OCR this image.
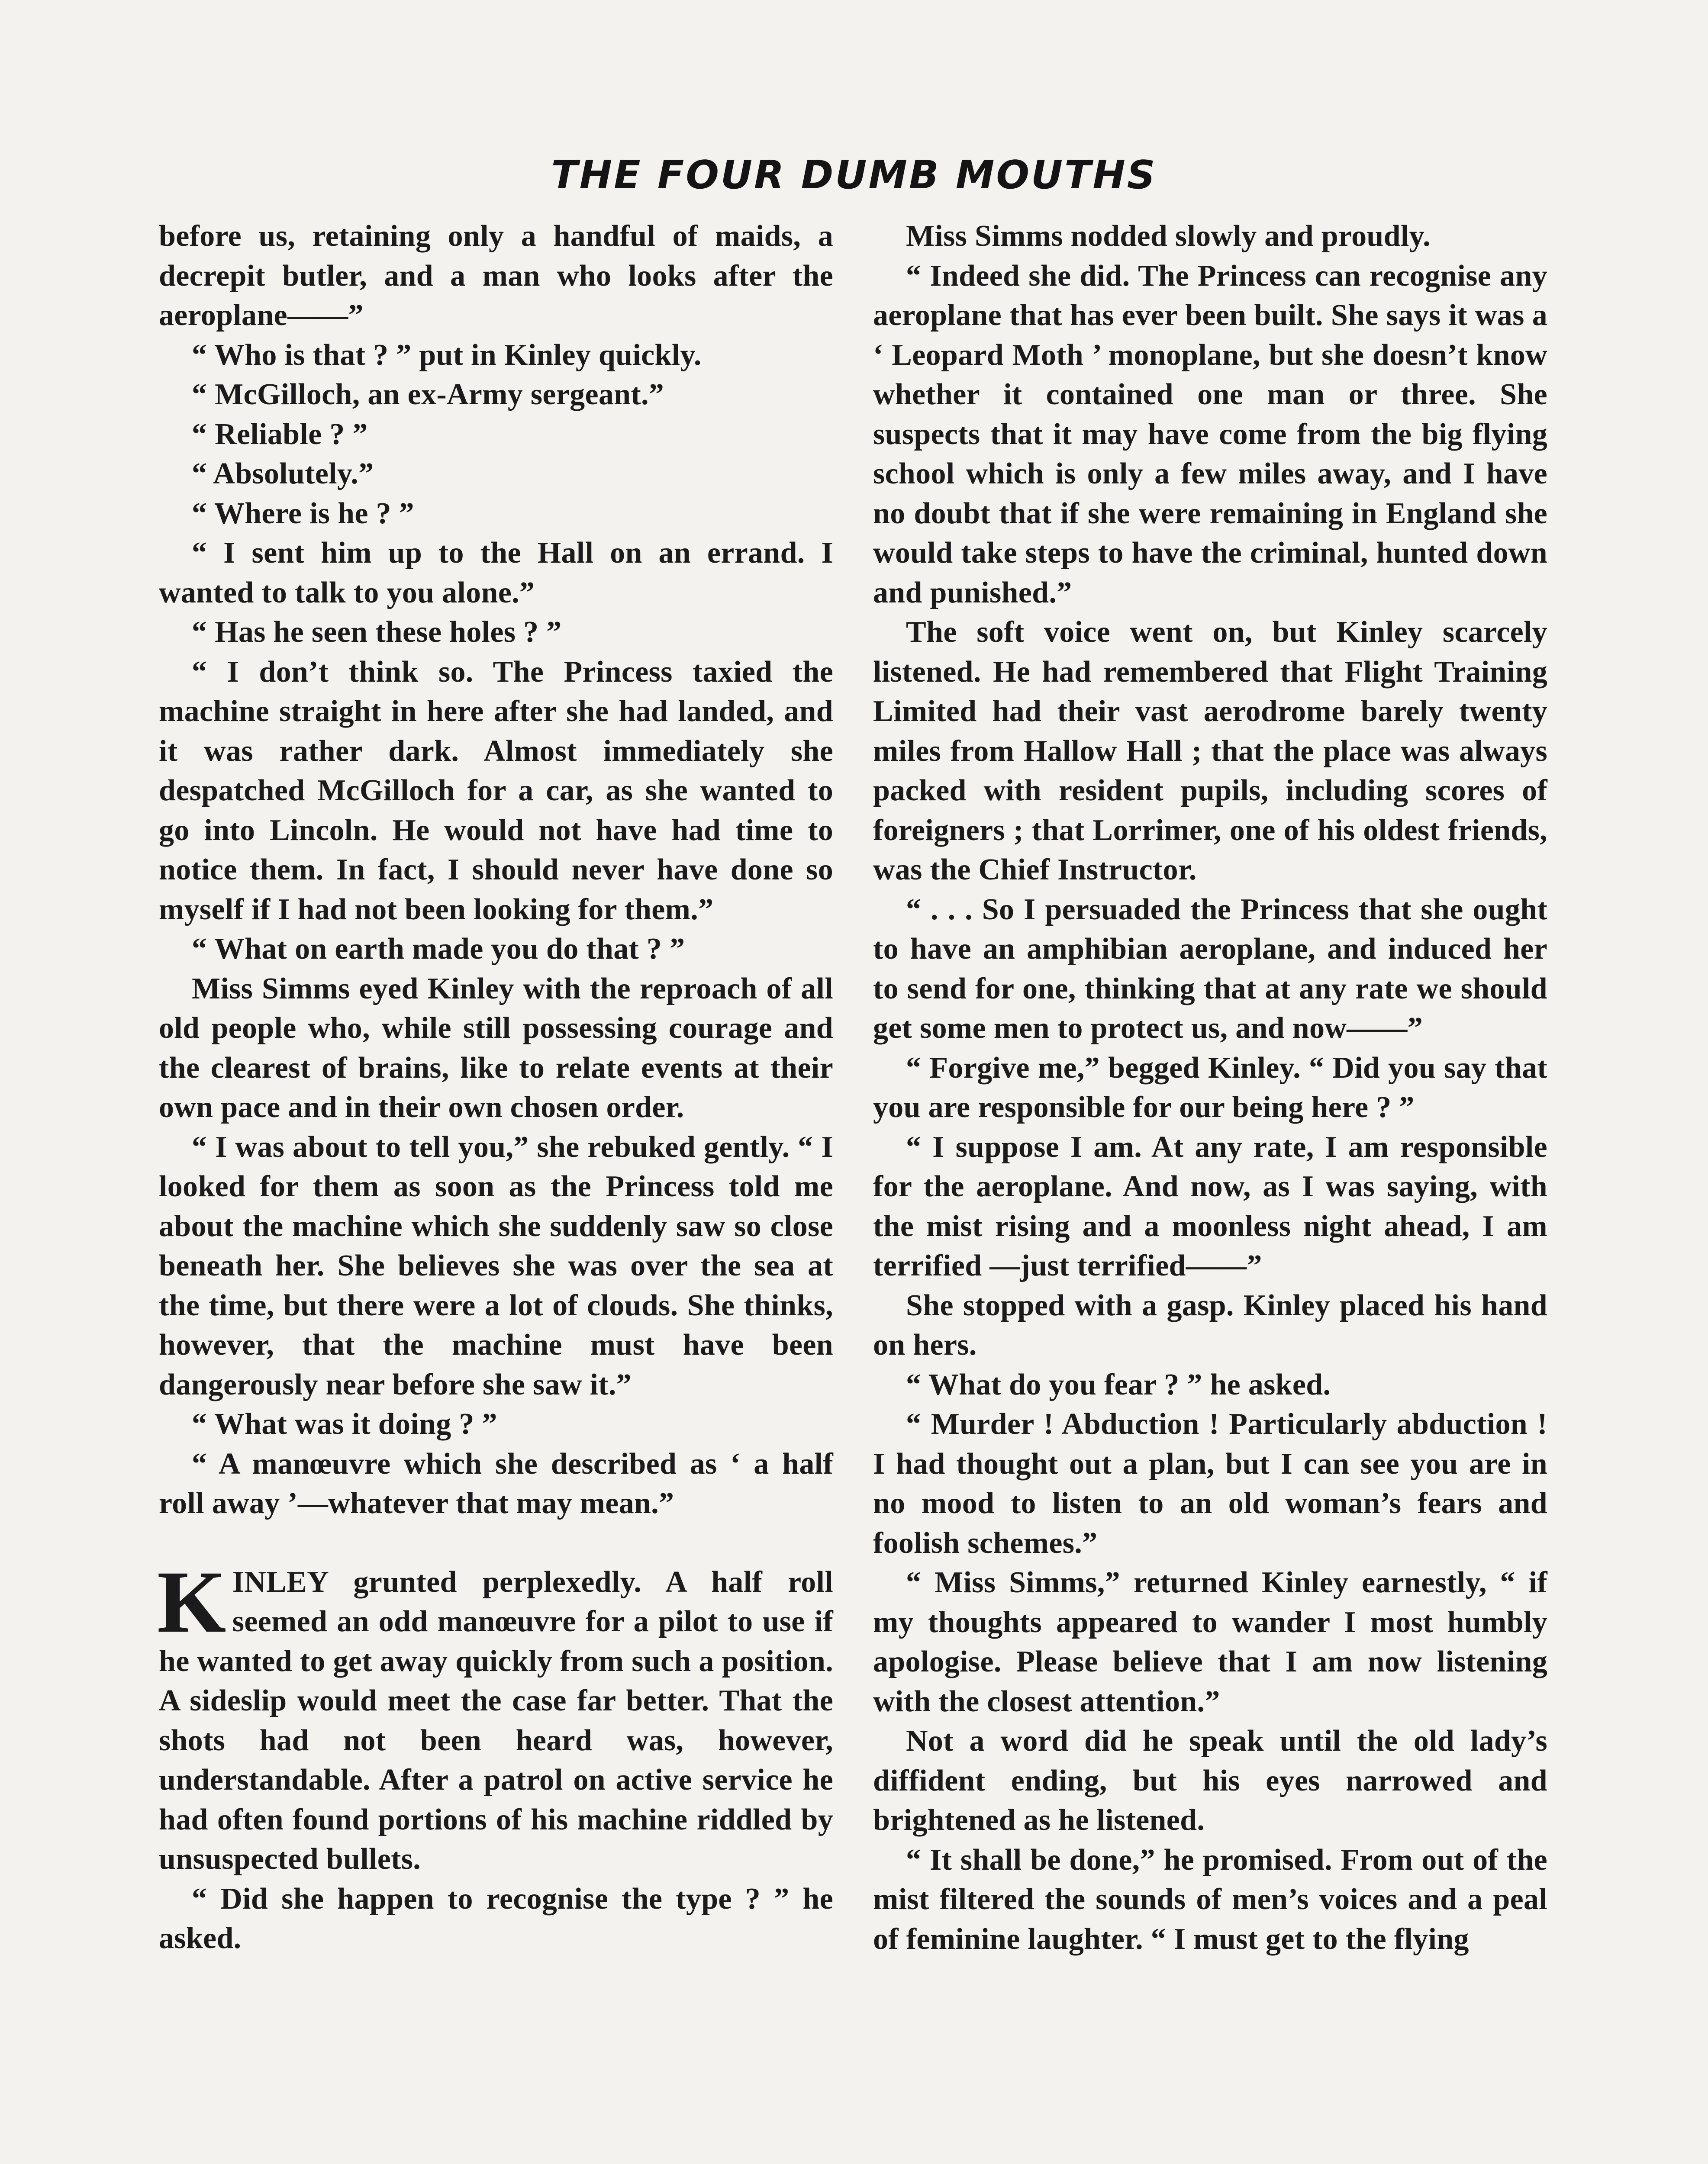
THE FOUR DUMB MOUTHS

before us, retaining only a handful of maids, a decrepit butler, and a man who looks after the aeroplane——”

“ Who is that ? ” put in Kinley quickly.

“ McGilloch, an ex-Army sergeant.”

“ Reliable ? ”

“ Absolutely.”

“ Where is he ? ”

“ I sent him up to the Hall on an errand. I wanted to talk to you alone.”

“ Has he seen these holes ? ”

“ I don’t think so. The Princess taxied the machine straight in here after she had landed, and it was rather dark. Almost immediately she despatched McGilloch for a car, as she wanted to go into Lincoln. He would not have had time to notice them. In fact, I should never have done so myself if I had not been looking for them.”

“ What on earth made you do that ? ”

Miss Simms eyed Kinley with the reproach of all old people who, while still possessing courage and the clearest of brains, like to relate events at their own pace and in their own chosen order.

“ I was about to tell you,” she rebuked gently. “ I looked for them as soon as the Princess told me about the machine which she suddenly saw so close beneath her. She believes she was over the sea at the time, but there were a lot of clouds. She thinks, however, that the machine must have been dangerously near before she saw it.”

“ What was it doing ? ”

“ A manœuvre which she described as ‘ a half roll away ’—whatever that may mean.”

KINLEY grunted perplexedly. A half roll seemed an odd manœuvre for a pilot to use if he wanted to get away quickly from such a position. A sideslip would meet the case far better. That the shots had not been heard was, however, understandable. After a patrol on active service he had often found portions of his machine riddled by unsuspected bullets.

“ Did she happen to recognise the type ? ” he asked.

Miss Simms nodded slowly and proudly.

“ Indeed she did. The Princess can recognise any aeroplane that has ever been built. She says it was a ‘ Leopard Moth ’ monoplane, but she doesn’t know whether it contained one man or three. She suspects that it may have come from the big flying school which is only a few miles away, and I have no doubt that if she were remaining in England she would take steps to have the criminal, hunted down and punished.”

The soft voice went on, but Kinley scarcely listened. He had remembered that Flight Training Limited had their vast aerodrome barely twenty miles from Hallow Hall ; that the place was always packed with resident pupils, including scores of foreigners ; that Lorrimer, one of his oldest friends, was the Chief Instructor.

“ . . . So I persuaded the Princess that she ought to have an amphibian aeroplane, and induced her to send for one, thinking that at any rate we should get some men to protect us, and now——”

“ Forgive me,” begged Kinley. “ Did you say that you are responsible for our being here ? ”

“ I suppose I am. At any rate, I am responsible for the aeroplane. And now, as I was saying, with the mist rising and a moonless night ahead, I am terrified —just terrified——”

She stopped with a gasp. Kinley placed his hand on hers.

“ What do you fear ? ” he asked.

“ Murder ! Abduction ! Particularly abduction ! I had thought out a plan, but I can see you are in no mood to listen to an old woman’s fears and foolish schemes.”

“ Miss Simms,” returned Kinley earnestly, “ if my thoughts appeared to wander I most humbly apologise. Please believe that I am now listening with the closest attention.”

Not a word did he speak until the old lady’s diffident ending, but his eyes narrowed and brightened as he listened.

“ It shall be done,” he promised. From out of the mist filtered the sounds of men’s voices and a peal of feminine laughter. “ I must get to the flying
